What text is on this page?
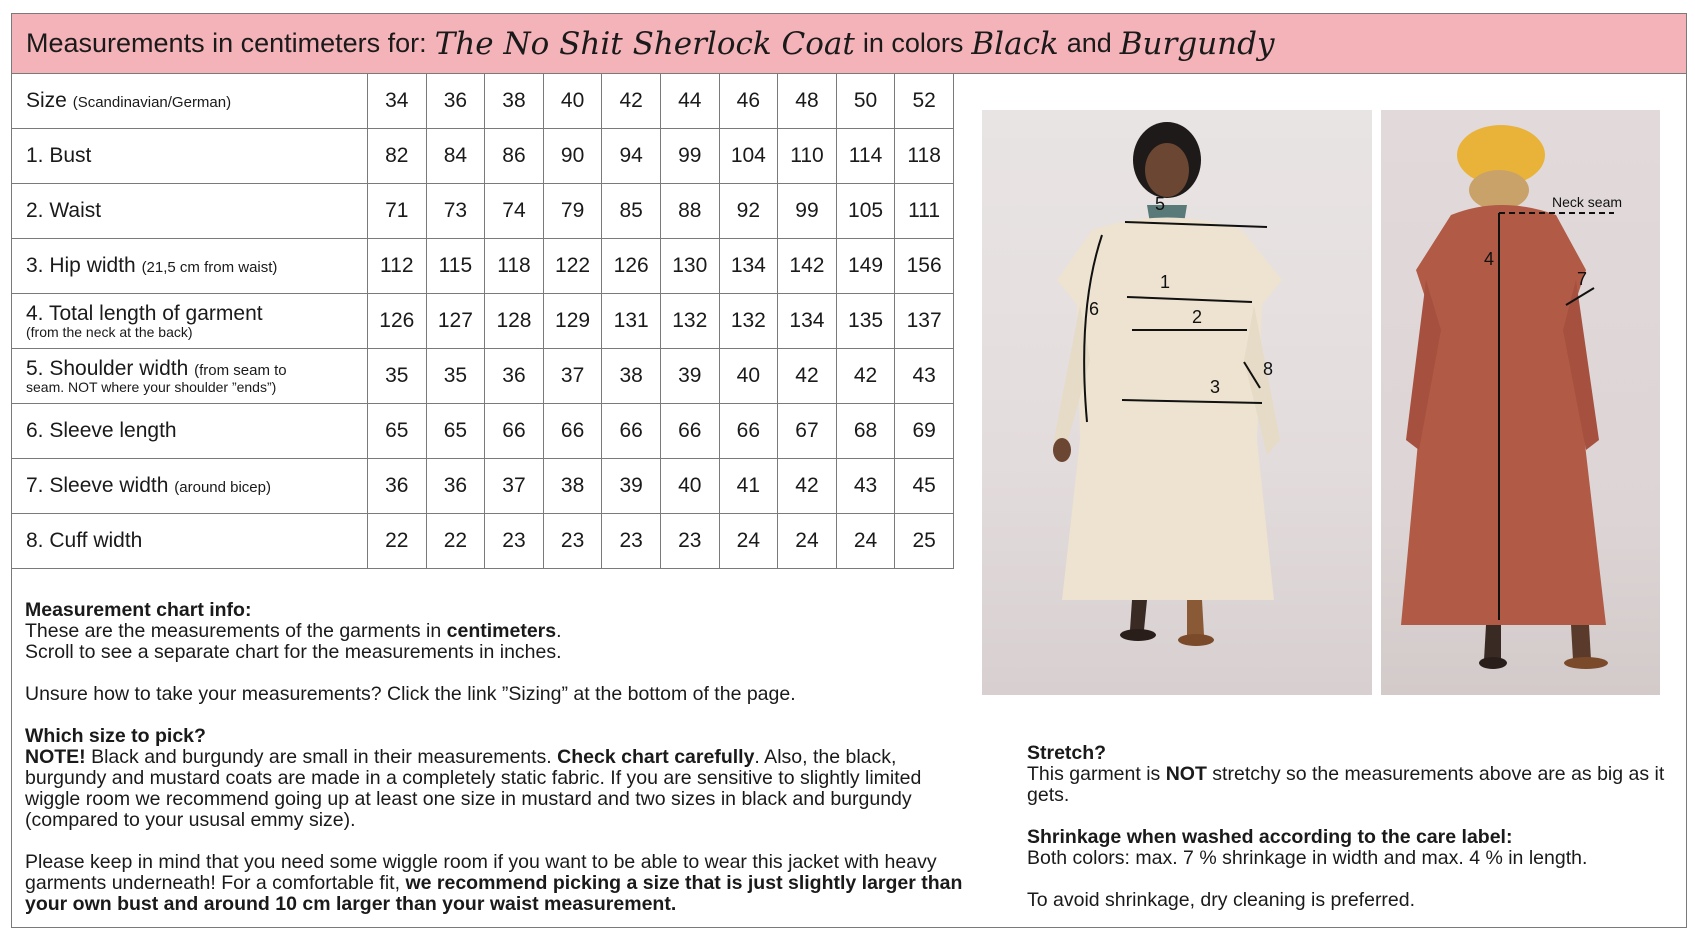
Measurements in centimeters for: The No Shit Sherlock Coat in colors Black and Burgundy
Size (Scandinavian/German)	34	36	38	40	42	44	46	48	50	52
1. Bust	82	84	86	90	94	99	104	110	114	118
2. Waist	71	73	74	79	85	88	92	99	105	111
3. Hip width (21,5 cm from waist)	112	115	118	122	126	130	134	142	149	156
4. Total length of garment
(from the neck at the back)	126	127	128	129	131	132	132	134	135	137
5. Shoulder width (from seam to
seam. NOT where your shoulder ”ends”)	35	35	36	37	38	39	40	42	42	43
6. Sleeve length	65	65	66	66	66	66	66	67	68	69
7. Sleeve width (around bicep)	36	36	37	38	39	40	41	42	43	45
8. Cuff width	22	22	23	23	23	23	24	24	24	25
5
1
2
3
6
8
4
7
Neck seam
Measurement chart info:
These are the measurements of the garments in centimeters.

Scroll to see a separate chart for the measurements in inches.

Unsure how to take your measurements? Click the link ”Sizing” at the bottom of the page.

Which size to pick?

NOTE! Black and burgundy are small in their measurements. Check chart carefully. Also, the black, burgundy and mustard coats are made in a completely static fabric. If you are sensitive to slightly limited wiggle room we recommend going up at least one size in mustard and two sizes in black and burgundy (compared to your ususal emmy size).

Please keep in mind that you need some wiggle room if you want to be able to wear this jacket with heavy garments underneath! For a comfortable fit, we recommend picking a size that is just slightly larger than your own bust and around 10 cm larger than your waist measurement.

Stretch?

This garment is NOT stretchy so the measurements above are as big as it gets.

Shrinkage when washed according to the care label:

Both colors: max. 7 % shrinkage in width and max. 4 % in length.

To avoid shrinkage, dry cleaning is preferred.
